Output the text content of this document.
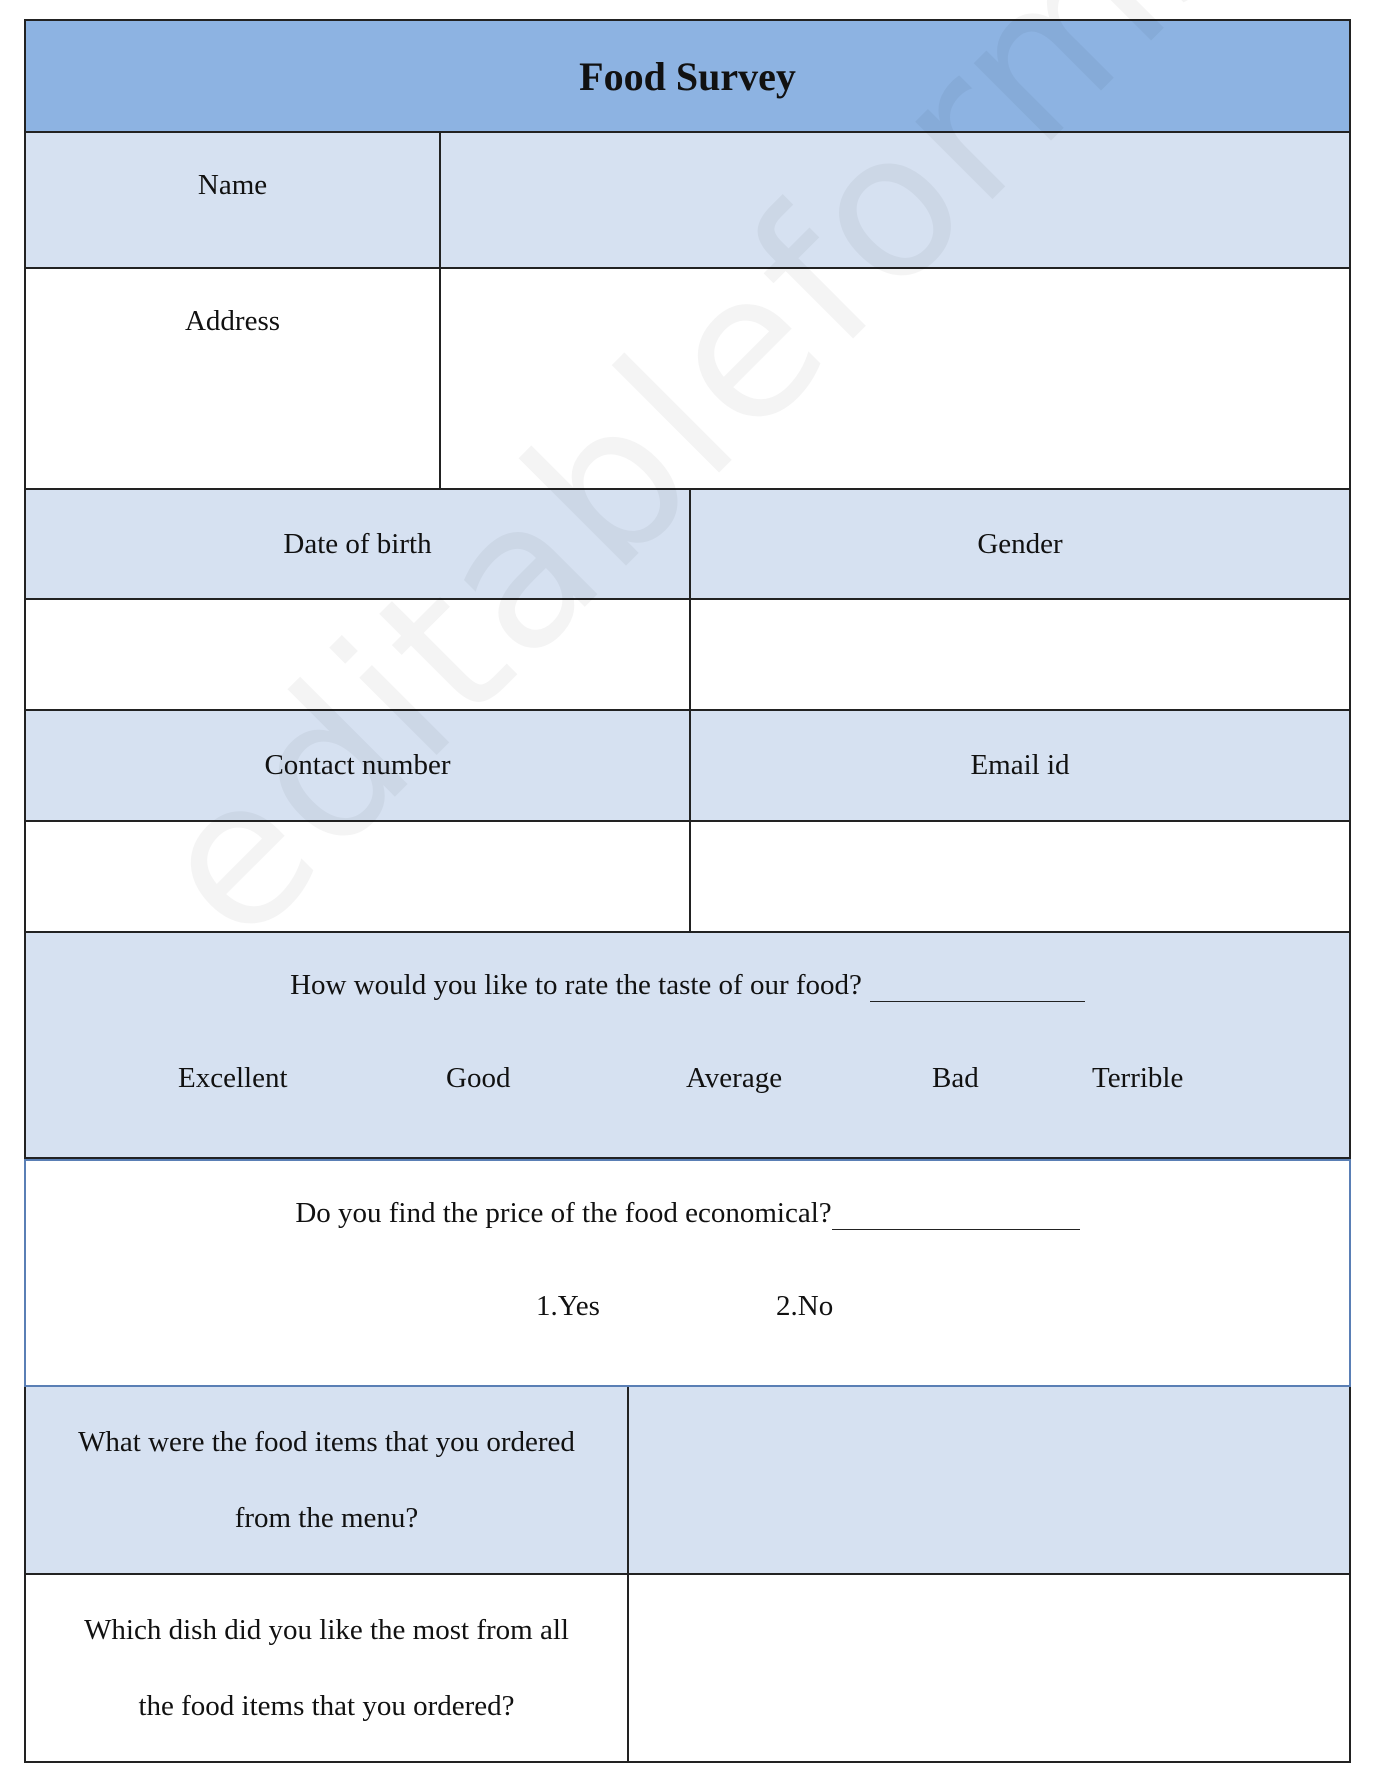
Food Survey
Name
Address
Date of birth	Gender
Contact number	Email id
How would you like to rate the taste of our food?
Excellent	Good	Average	Bad	Terrible
Do you find the price of the food economical?
1.Yes	2.No
What were the food items that you ordered
from the menu?
Which dish did you like the most from all
the food items that you ordered?
